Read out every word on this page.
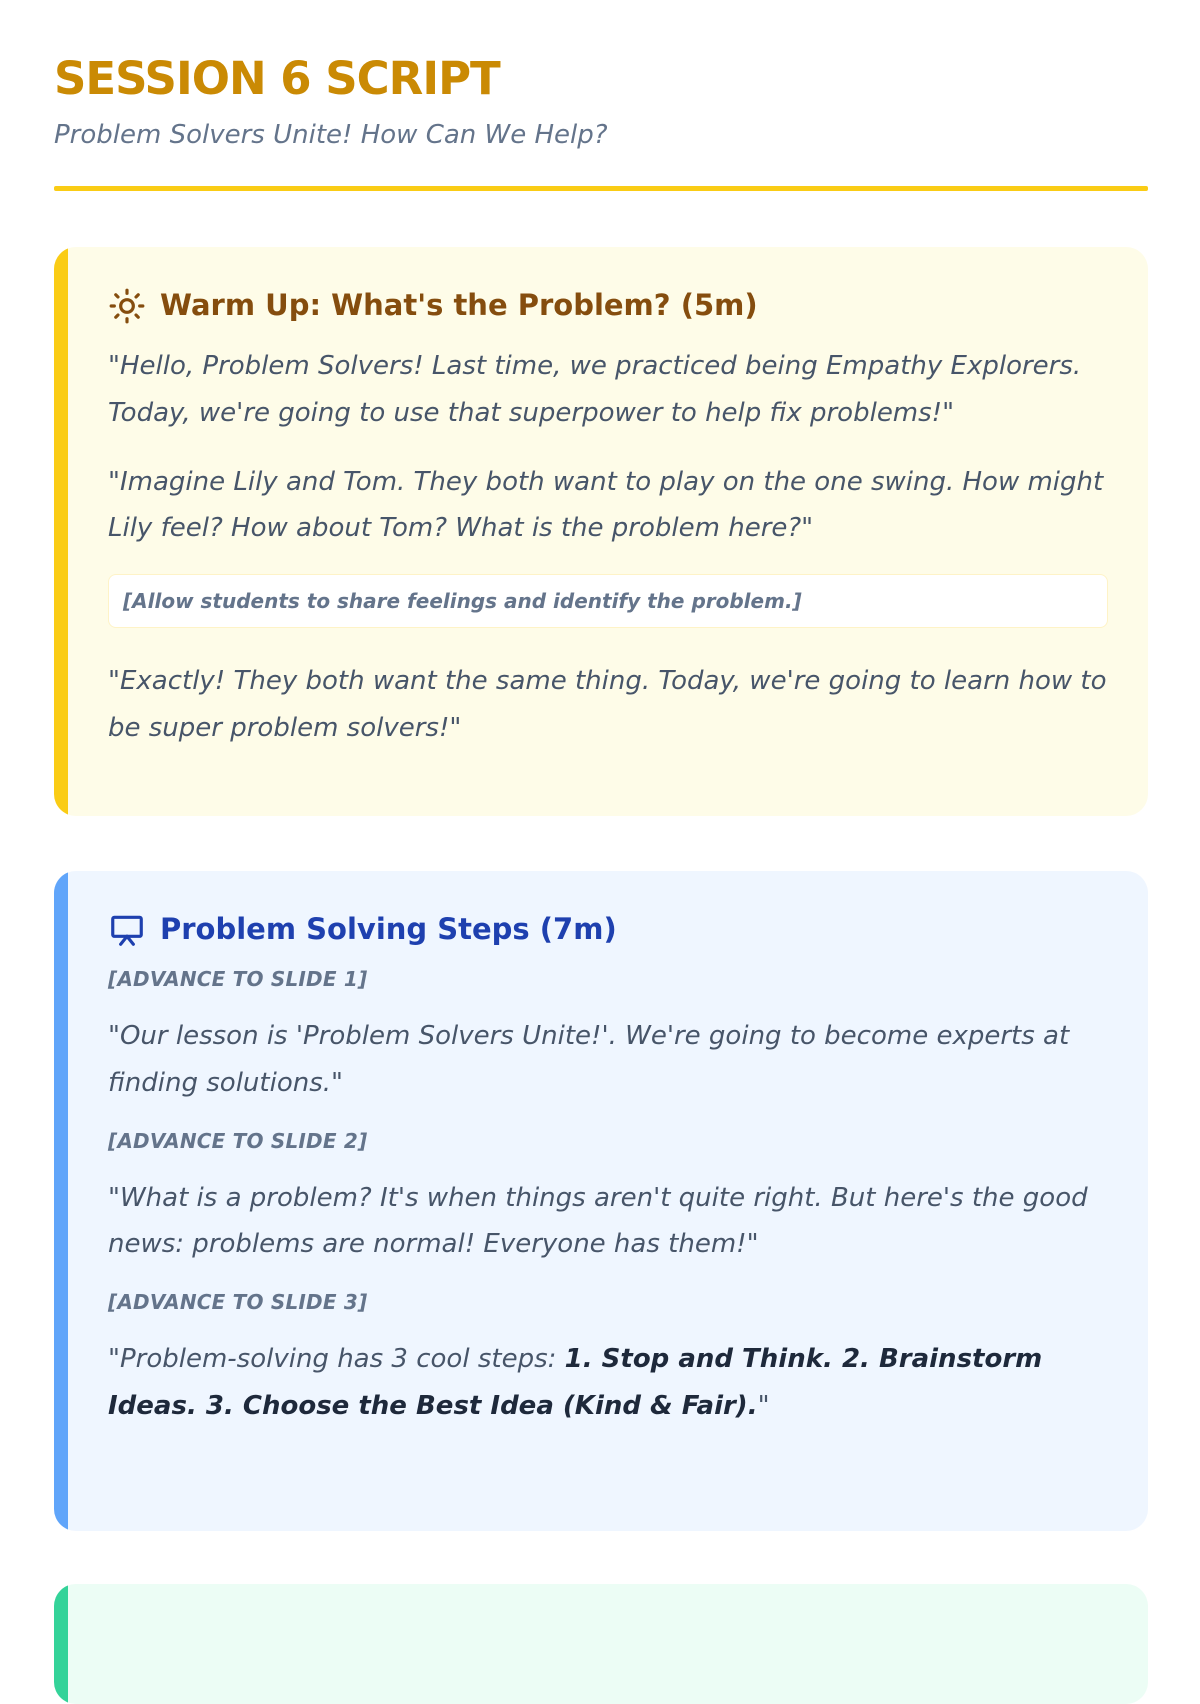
SESSION 6 SCRIPT

Problem Solvers Unite! How Can We Help?

Warm Up: What's the Problem? (5m)

"Hello, Problem Solvers! Last time, we practiced being Empathy Explorers. Today, we're going to use that superpower to help fix problems!"

"Imagine Lily and Tom. They both want to play on the one swing. How might Lily feel? How about Tom? What is the problem here?"

[Allow students to share feelings and identify the problem.]

"Exactly! They both want the same thing. Today, we're going to learn how to be super problem solvers!"

Problem Solving Steps (7m)
[ADVANCE TO SLIDE 1]

"Our lesson is 'Problem Solvers Unite!'. We're going to become experts at finding solutions."

[ADVANCE TO SLIDE 2]

"What is a problem? It's when things aren't quite right. But here's the good news: problems are normal! Everyone has them!"

[ADVANCE TO SLIDE 3]

"Problem-solving has 3 cool steps: 1. Stop and Think. 2. Brainstorm Ideas. 3. Choose the Best Idea (Kind & Fair)."
